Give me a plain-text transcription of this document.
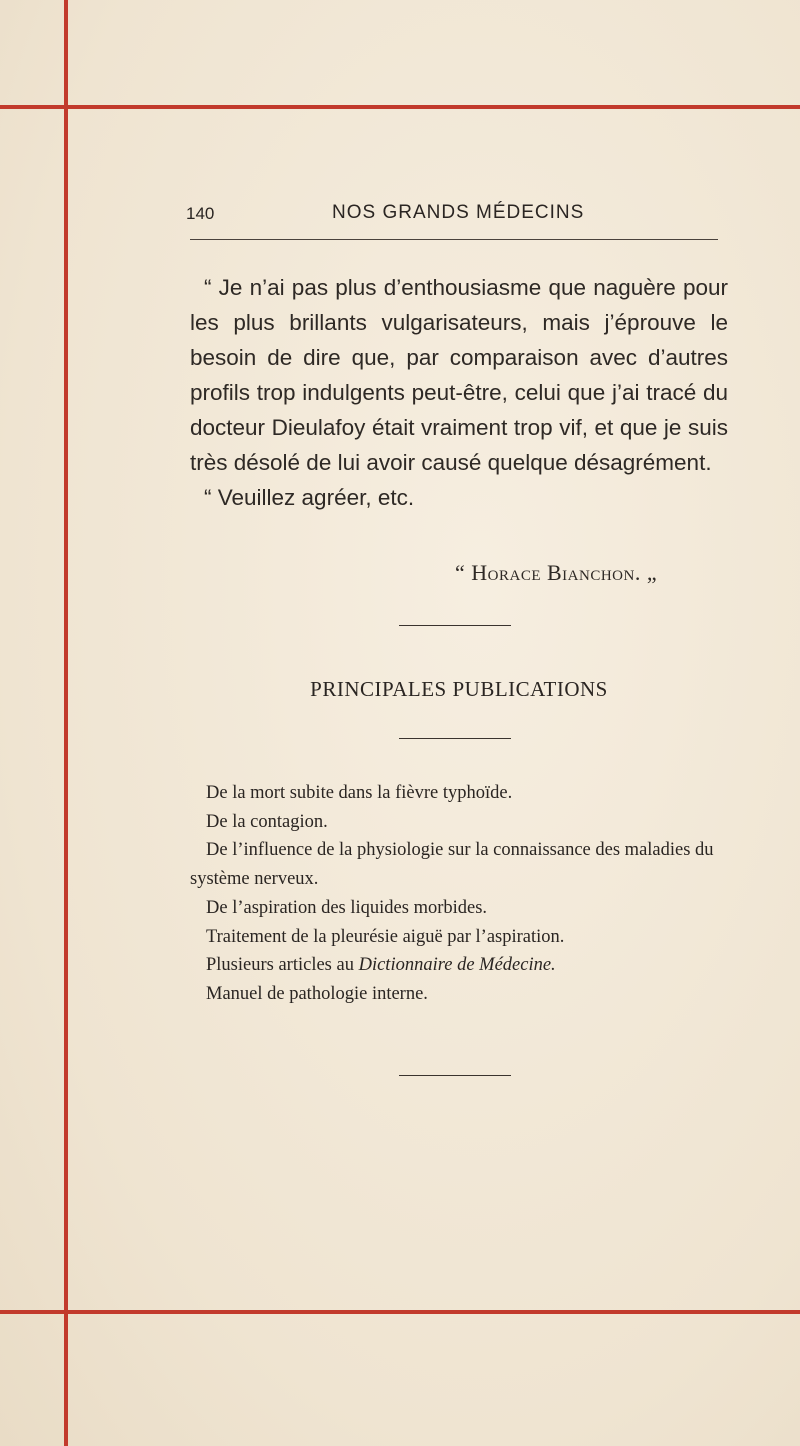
140	NOS GRANDS MÉDECINS

“ Je n’ai pas plus d’enthousiasme que naguère pour les plus brillants vulgarisateurs, mais j’éprouve le besoin de dire que, par comparaison avec d’autres profils trop indulgents peut-être, celui que j’ai tracé du docteur Dieulafoy était vraiment trop vif, et que je suis très désolé de lui avoir causé quelque désagrément.

“ Veuillez agréer, etc.

“ Horace Bianchon. „
PRINCIPALES PUBLICATIONS
De la mort subite dans la fièvre typhoïde.
De la contagion.
De l’influence de la physiologie sur la connaissance des maladies du système nerveux.
De l’aspiration des liquides morbides.
Traitement de la pleurésie aiguë par l’aspiration.
Plusieurs articles au Dictionnaire de Médecine.
Manuel de pathologie interne.
